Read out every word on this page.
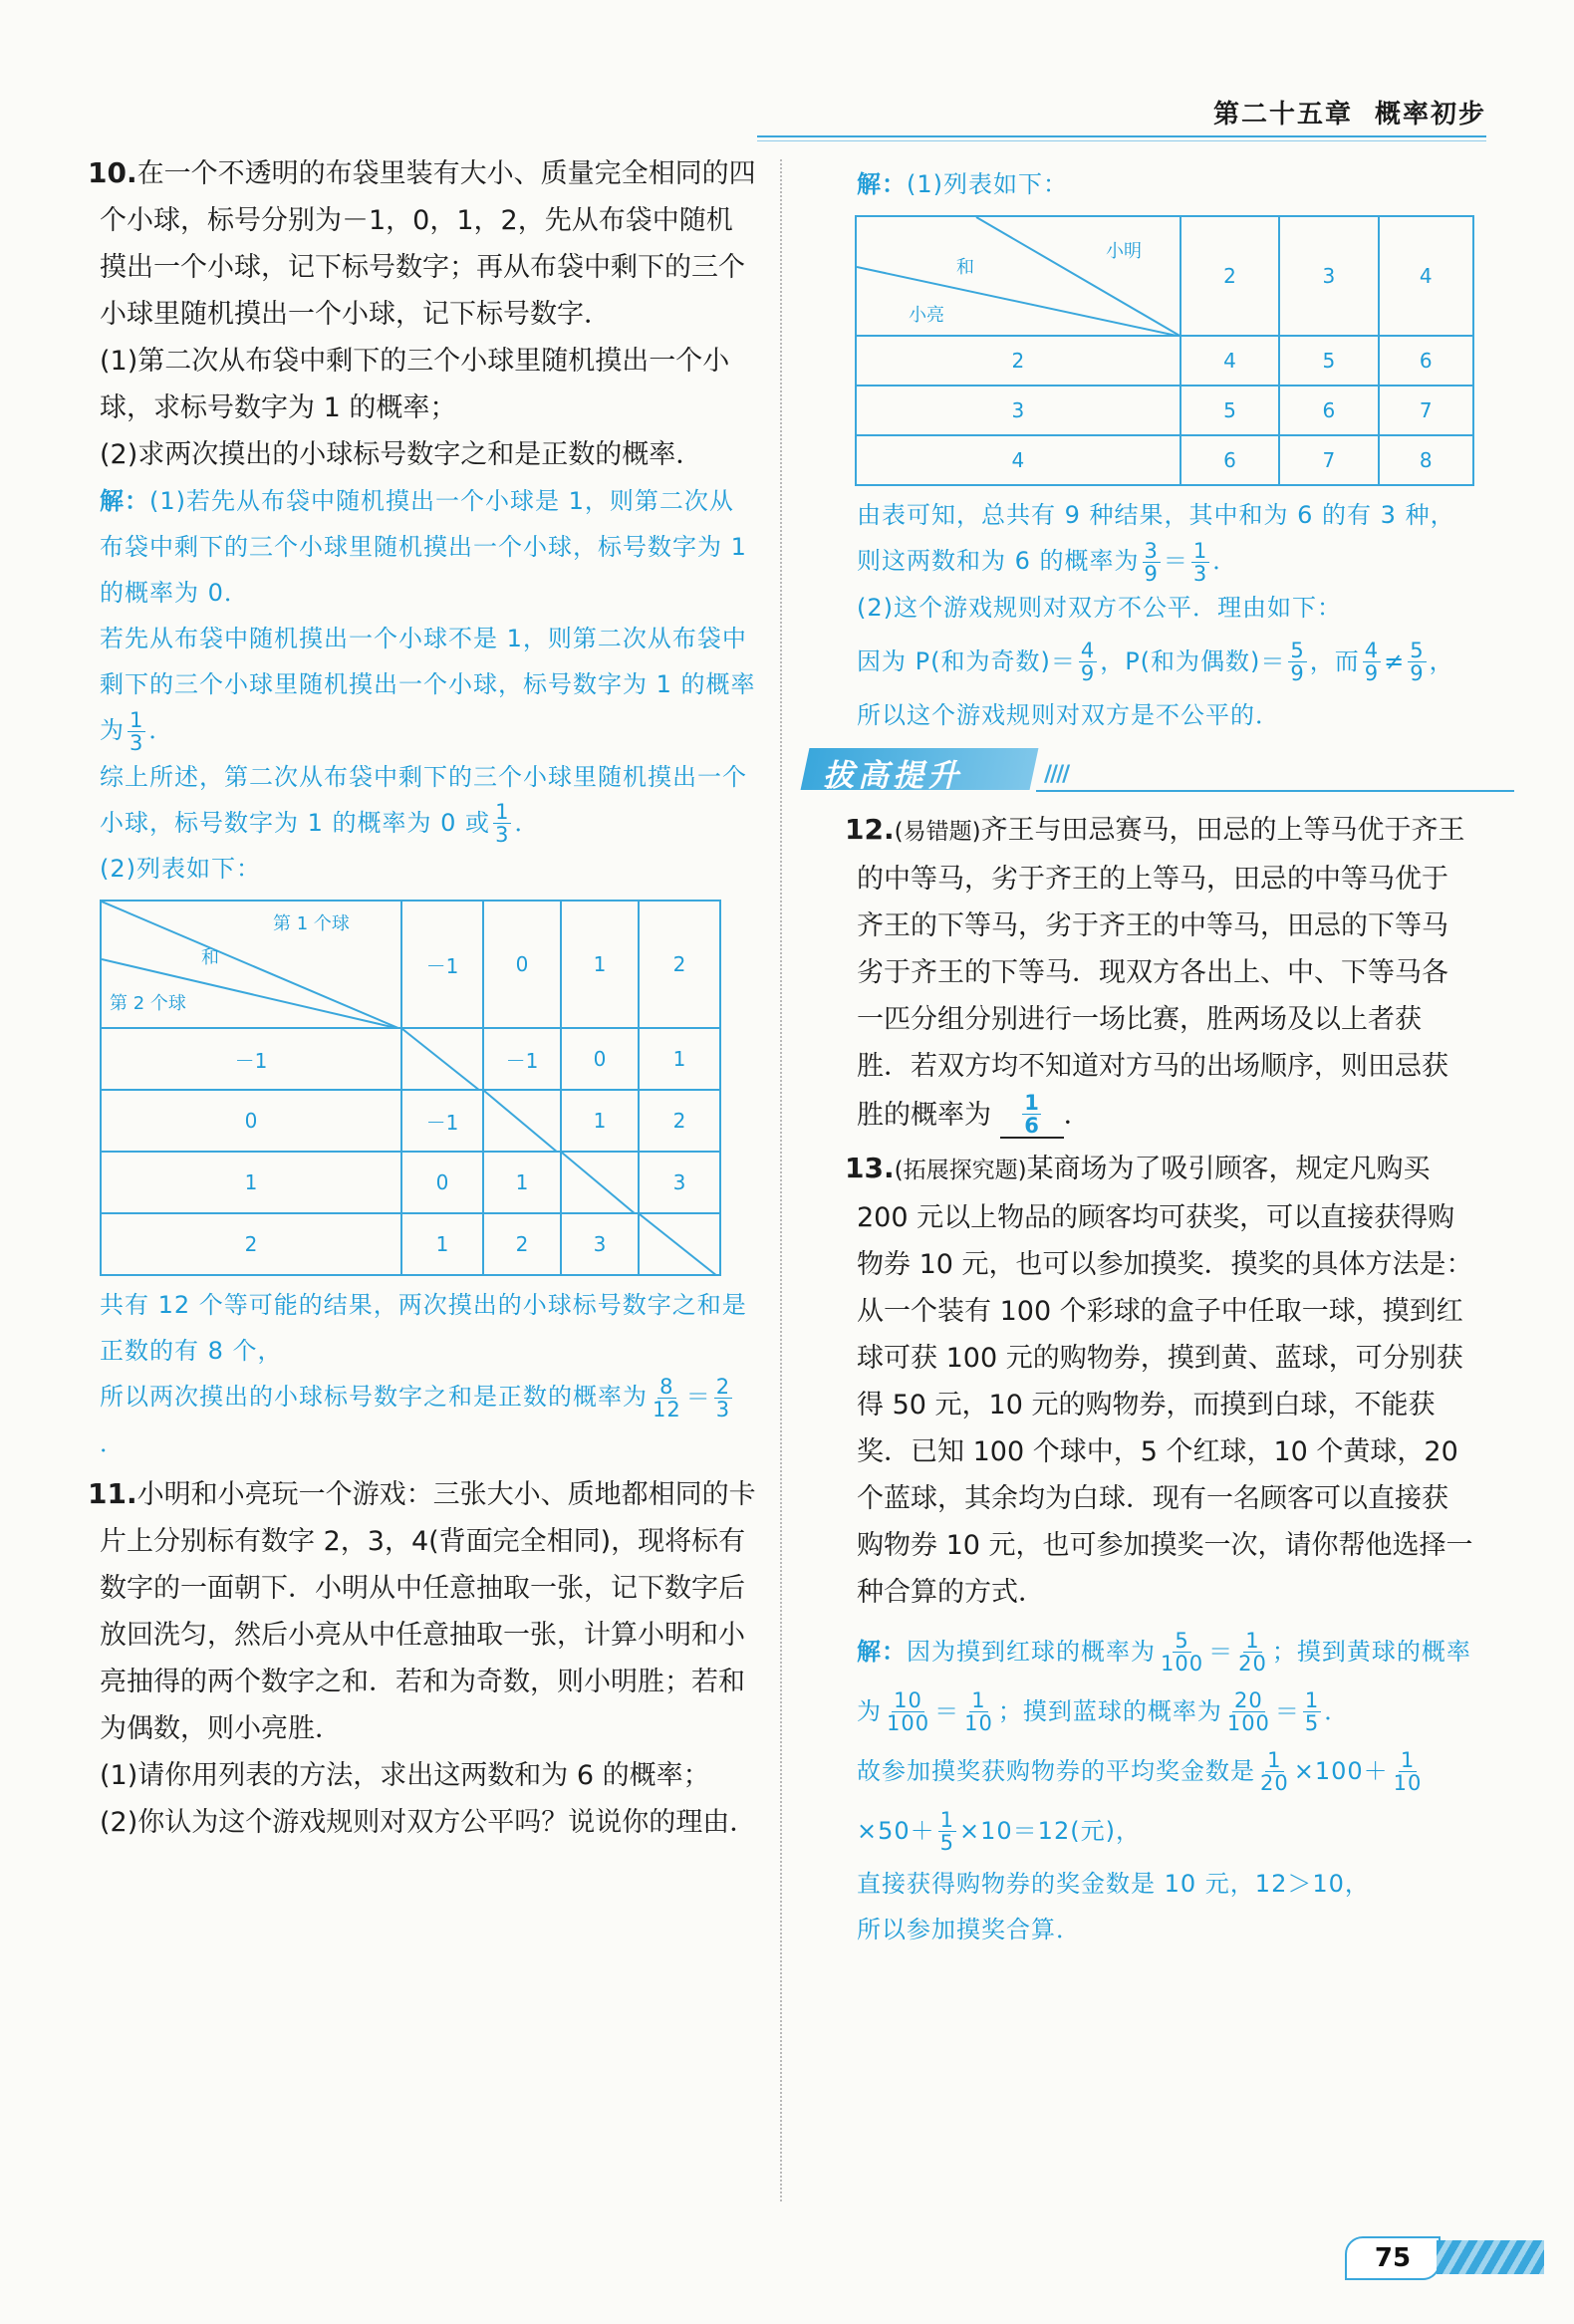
第二十五章 概率初步

10.在一个不透明的布袋里装有大小、质量完全相同的四个小球，标号分别为－1，0，1，2，先从布袋中随机摸出一个小球，记下标号数字；再从布袋中剩下的三个小球里随机摸出一个小球，记下标号数字．

(1)第二次从布袋中剩下的三个小球里随机摸出一个小球，求标号数字为 1 的概率；

(2)求两次摸出的小球标号数字之和是正数的概率．

解：(1)若先从布袋中随机摸出一个小球是 1，则第二次从布袋中剩下的三个小球里随机摸出一个小球，标号数字为 1 的概率为 0．

若先从布袋中随机摸出一个小球不是 1，则第二次从布袋中剩下的三个小球里随机摸出一个小球，标号数字为 1 的概率为 $\frac{1}{3}$ ．

综上所述，第二次从布袋中剩下的三个小球里随机摸出一个小球，标号数字为 1 的概率为 0 或 $\frac{1}{3}$ ．

(2)列表如下：

第 1 个球
和
第 2 个球	－1	0	1	2
－1		－1	0	1
0	－1		1	2
1	0	1		3
2	1	2	3	

共有 12 个等可能的结果，两次摸出的小球标号数字之和是正数的有 8 个，

所以两次摸出的小球标号数字之和是正数的概率为 $\frac{8}{12} = \frac{2}{3}$
．

11.小明和小亮玩一个游戏：三张大小、质地都相同的卡片上分别标有数字 2，3，4(背面完全相同)，现将标有数字的一面朝下．小明从中任意抽取一张，记下数字后放回洗匀，然后小亮从中任意抽取一张，计算小明和小亮抽得的两个数字之和．若和为奇数，则小明胜；若和为偶数，则小亮胜．

(1)请你用列表的方法，求出这两数和为 6 的概率；

(2)你认为这个游戏规则对双方公平吗？说说你的理由．

解：(1)列表如下：

小明
和
小亮	2	3	4
2	4	5	6
3	5	6	7
4	6	7	8

由表可知，总共有 9 种结果，其中和为 6 的有 3 种，

则这两数和为 6 的概率为 $\frac{3}{9} = \frac{1}{3}$ ．

(2)这个游戏规则对双方不公平．理由如下：

因为 P(和为奇数)＝ $\frac{4}{9}$ ，P(和为偶数)＝ $\frac{5}{9}$ ，而 $\frac{4}{9} \ne \frac{5}{9}$ ，

所以这个游戏规则对双方是不公平的．

拔高提升	////

12.(易错题)齐王与田忌赛马，田忌的上等马优于齐王的中等马，劣于齐王的上等马，田忌的中等马优于齐王的下等马，劣于齐王的中等马，田忌的下等马劣于齐王的下等马．现双方各出上、中、下等马各一匹分组分别进行一场比赛，胜两场及以上者获胜．若双方均不知道对方马的出场顺序，则田忌获胜的概率为 $\frac{1}{6}$ ．

13.(拓展探究题)某商场为了吸引顾客，规定凡购买 200 元以上物品的顾客均可获奖，可以直接获得购物券 10 元，也可以参加摸奖．摸奖的具体方法是：从一个装有 100 个彩球的盒子中任取一球，摸到红球可获 100 元的购物券，摸到黄、蓝球，可分别获得 50 元，10 元的购物券，而摸到白球，不能获奖．已知 100 个球中，5 个红球，10 个黄球，20 个蓝球，其余均为白球．现有一名顾客可以直接获购物券 10 元，也可参加摸奖一次，请你帮他选择一种合算的方式．

解：因为摸到红球的概率为 $\frac{5}{100} = \frac{1}{20}$ ；摸到黄球的概率为 $\frac{10}{100} = \frac{1}{10}$ ；摸到蓝球的概率为 $\frac{20}{100} = \frac{1}{5}$ ．

故参加摸奖获购物券的平均奖金数是 $\frac{1}{20} \times 100+ \frac{1}{10}$
$\times 50+ \frac{1}{5} \times 10=12$(元)，

直接获得购物券的奖金数是 10 元，12＞10，

所以参加摸奖合算．

75
